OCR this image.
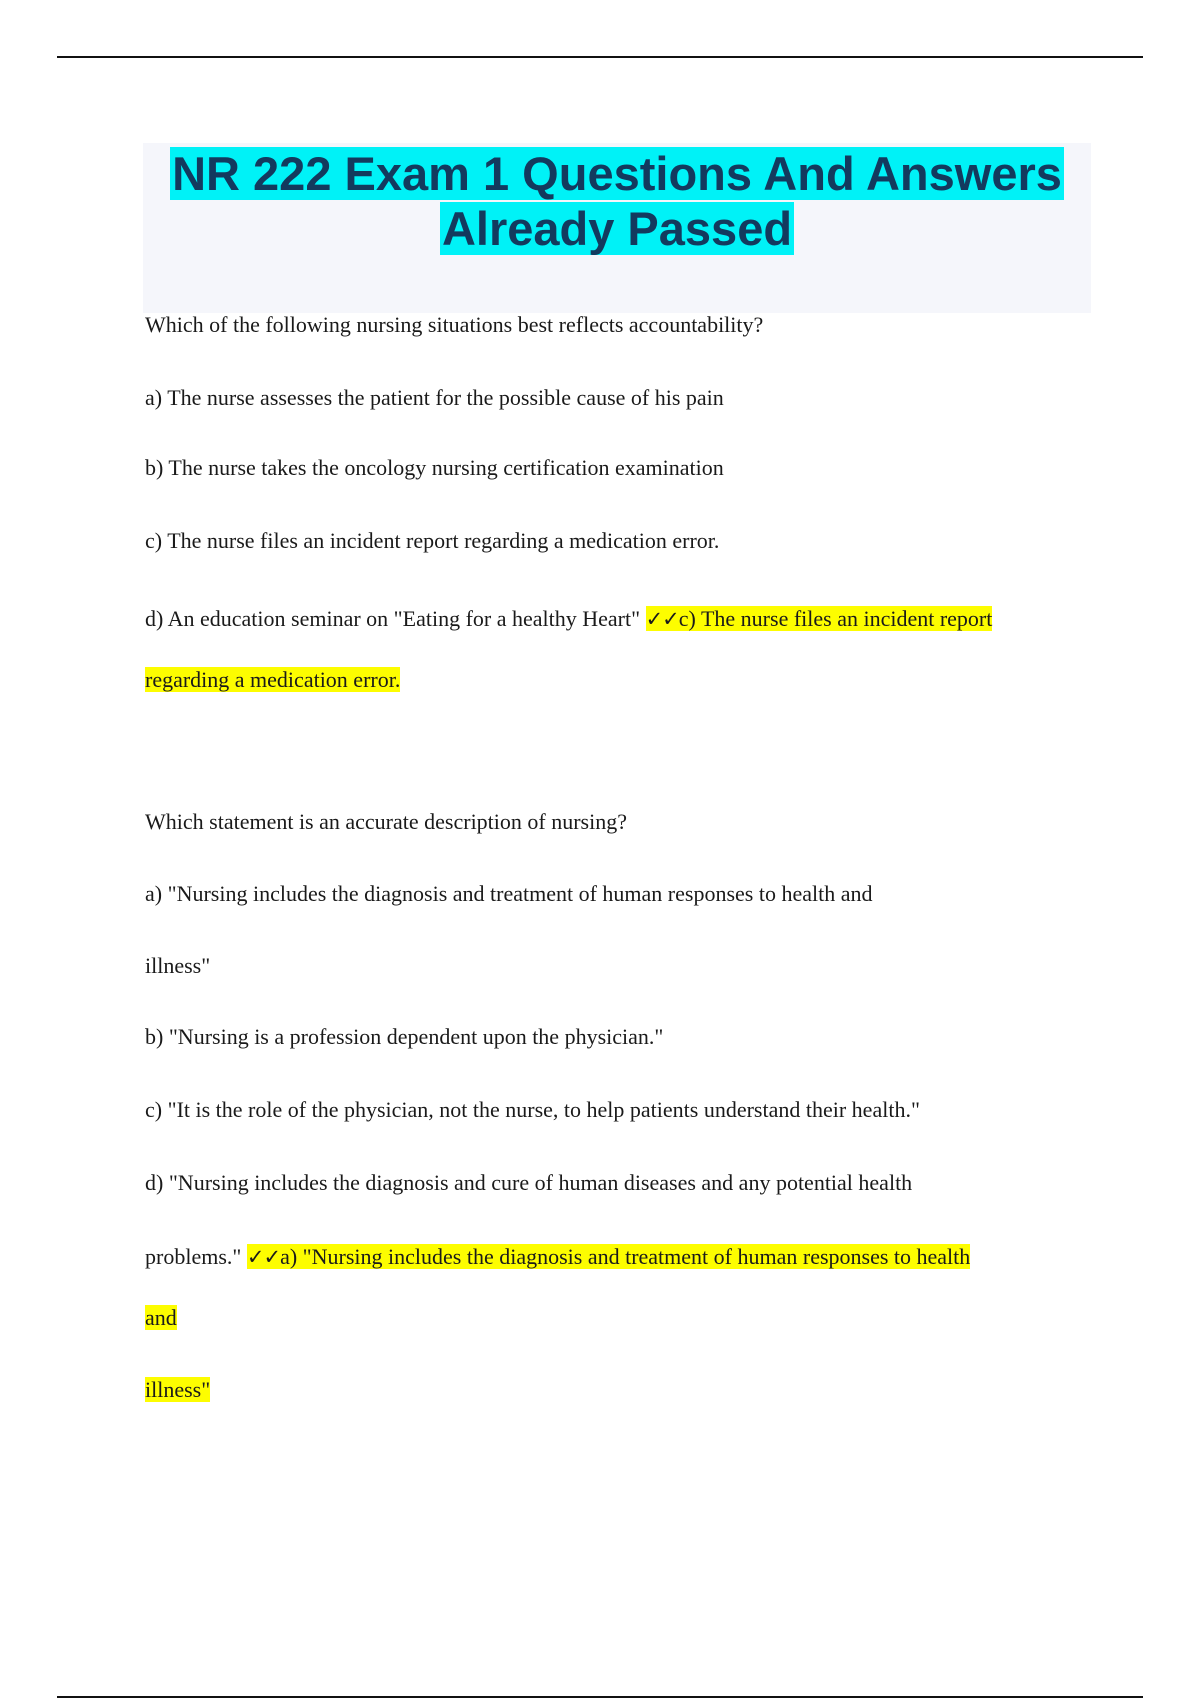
NR 222 Exam 1 Questions And Answers
Already Passed
Which of the following nursing situations best reflects accountability?
a) The nurse assesses the patient for the possible cause of his pain
b) The nurse takes the oncology nursing certification examination
c) The nurse files an incident report regarding a medication error.
d) An education seminar on "Eating for a healthy Heart" ✓✓c) The nurse files an incident report
regarding a medication error.
Which statement is an accurate description of nursing?
a) "Nursing includes the diagnosis and treatment of human responses to health and
illness"
b) "Nursing is a profession dependent upon the physician."
c) "It is the role of the physician, not the nurse, to help patients understand their health."
d) "Nursing includes the diagnosis and cure of human diseases and any potential health
problems." ✓✓a) "Nursing includes the diagnosis and treatment of human responses to health
and
illness"
